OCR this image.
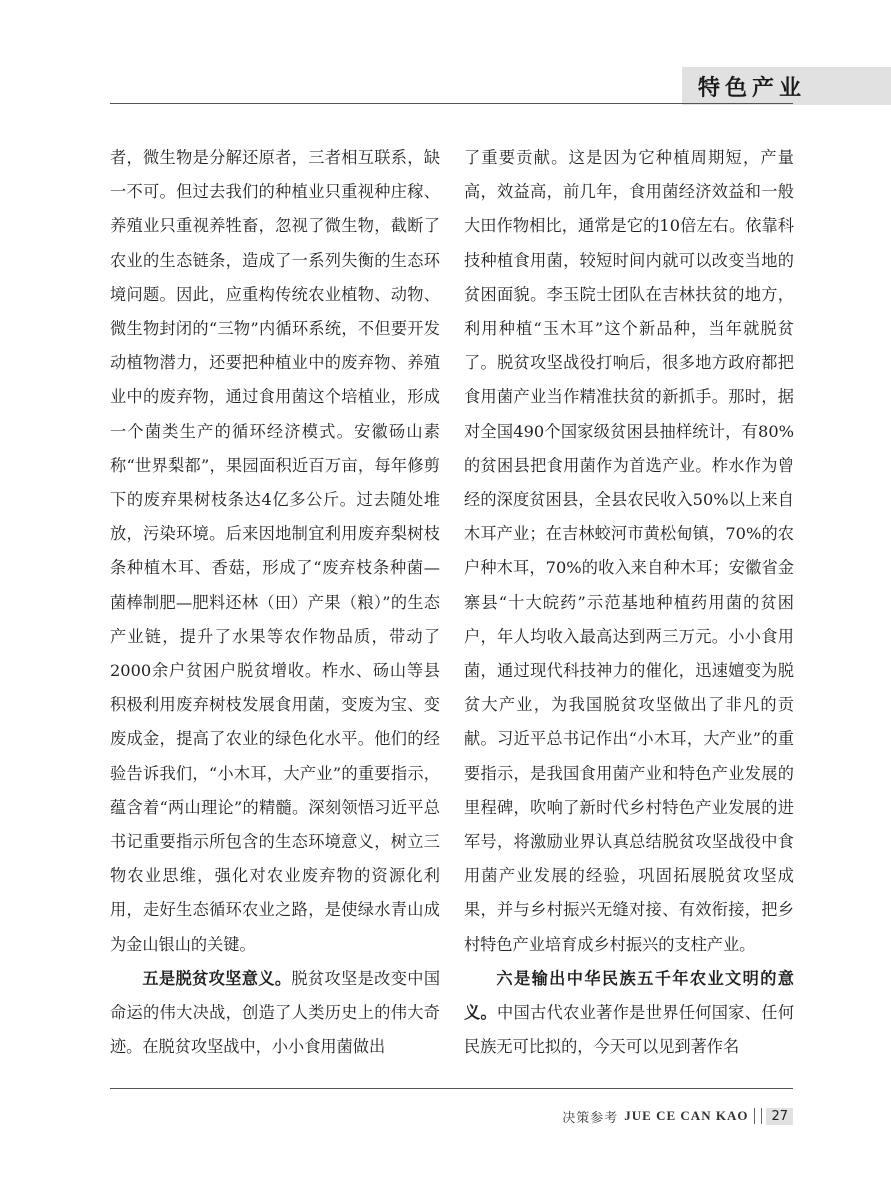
特色产业

者，微生物是分解还原者，三者相互联系，缺一不可。但过去我们的种植业只重视种庄稼、养殖业只重视养牲畜，忽视了微生物，截断了农业的生态链条，造成了一系列失衡的生态环境问题。因此，应重构传统农业植物、动物、微生物封闭的“三物”内循环系统，不但要开发动植物潜力，还要把种植业中的废弃物、养殖业中的废弃物，通过食用菌这个培植业，形成一个菌类生产的循环经济模式。安徽砀山素称“世界梨都”，果园面积近百万亩，每年修剪下的废弃果树枝条达4亿多公斤。过去随处堆放，污染环境。后来因地制宜利用废弃梨树枝条种植木耳、香菇，形成了“废弃枝条种菌—菌棒制肥—肥料还林（田）产果（粮）”的生态产业链，提升了水果等农作物品质，带动了2000余户贫困户脱贫增收。柞水、砀山等县积极利用废弃树枝发展食用菌，变废为宝、变废成金，提高了农业的绿色化水平。他们的经验告诉我们，“小木耳，大产业”的重要指示，蕴含着“两山理论”的精髓。深刻领悟习近平总书记重要指示所包含的生态环境意义，树立三物农业思维，强化对农业废弃物的资源化利用，走好生态循环农业之路，是使绿水青山成为金山银山的关键。

五是脱贫攻坚意义。脱贫攻坚是改变中国命运的伟大决战，创造了人类历史上的伟大奇迹。在脱贫攻坚战中，小小食用菌做出

了重要贡献。这是因为它种植周期短，产量高，效益高，前几年，食用菌经济效益和一般大田作物相比，通常是它的10倍左右。依靠科技种植食用菌，较短时间内就可以改变当地的贫困面貌。李玉院士团队在吉林扶贫的地方，利用种植“玉木耳”这个新品种，当年就脱贫了。脱贫攻坚战役打响后，很多地方政府都把食用菌产业当作精准扶贫的新抓手。那时，据对全国490个国家级贫困县抽样统计，有80%的贫困县把食用菌作为首选产业。柞水作为曾经的深度贫困县，全县农民收入50%以上来自木耳产业；在吉林蛟河市黄松甸镇，70%的农户种木耳，70%的收入来自种木耳；安徽省金寨县“十大皖药”示范基地种植药用菌的贫困户，年人均收入最高达到两三万元。小小食用菌，通过现代科技神力的催化，迅速嬗变为脱贫大产业，为我国脱贫攻坚做出了非凡的贡献。习近平总书记作出“小木耳，大产业”的重要指示，是我国食用菌产业和特色产业发展的里程碑，吹响了新时代乡村特色产业发展的进军号，将激励业界认真总结脱贫攻坚战役中食用菌产业发展的经验，巩固拓展脱贫攻坚成果，并与乡村振兴无缝对接、有效衔接，把乡村特色产业培育成乡村振兴的支柱产业。

六是输出中华民族五千年农业文明的意义。中国古代农业著作是世界任何国家、任何民族无可比拟的，今天可以见到著作名

决策参考 JUE CE CAN KAO	27
